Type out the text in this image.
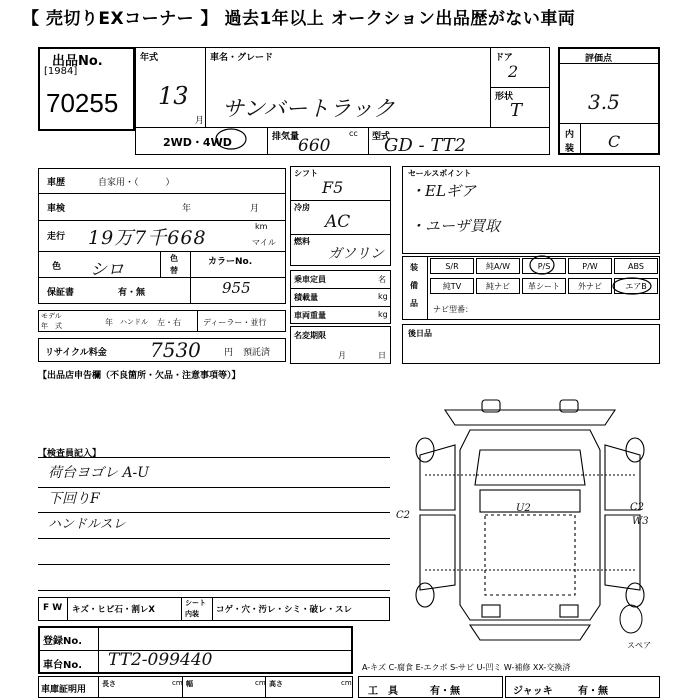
【 売切りEXコーナー 】 過去1年以上 オークション出品歴がない車両
出品No.
[1984]
70255
年式
13
月
車名・グレード
サンバートラック
ドア
2
形状
T
2WD・4WD	排気量	cc
660	型式
GD - TT2
評価点
3.5
内
装 C
車歴	自家用・（　　　）
車検	年	月
走行 19万7千668
km
マイル
色 シロ
色
替
カラーNo.
955
保証書	有・無
モデル
年　式	年 ハンドル 左・右	ディーラー・並行
リサイクル料金 7530	円 預託済
シフト
F5
冷房
AC
燃料
ガソリン
乗車定員	名
積載量	kg
車両重量	kg
名変期限
月	日
セールスポイント
・ELギア
・ユーザ買取
装
備
品
S/R	純A/W	P/S	P/W	ABS
純TV	純ナビ	革シート	外ナビ	エアB
ナビ型番：
後日品
【出品店申告欄（不良箇所・欠品・注意事項等）】
【検査員記入】
荷台ヨゴレ A-U
下回りF
ハンドルスレ
C2
U2	C2
W3
スペア
F W キズ・ヒビ石・割レX
シート
内装 コゲ・穴・汚レ・シミ・破レ・スレ
登録No.
車台No. TT2-099440
車庫証明用
長さ	cm 幅	cm 高さ	cm
A-キズ C-腐食 E-エクボ S-サビ U-凹ミ W-補修 XX-交換済
工　具	有・無	ジャッキ	有・無
